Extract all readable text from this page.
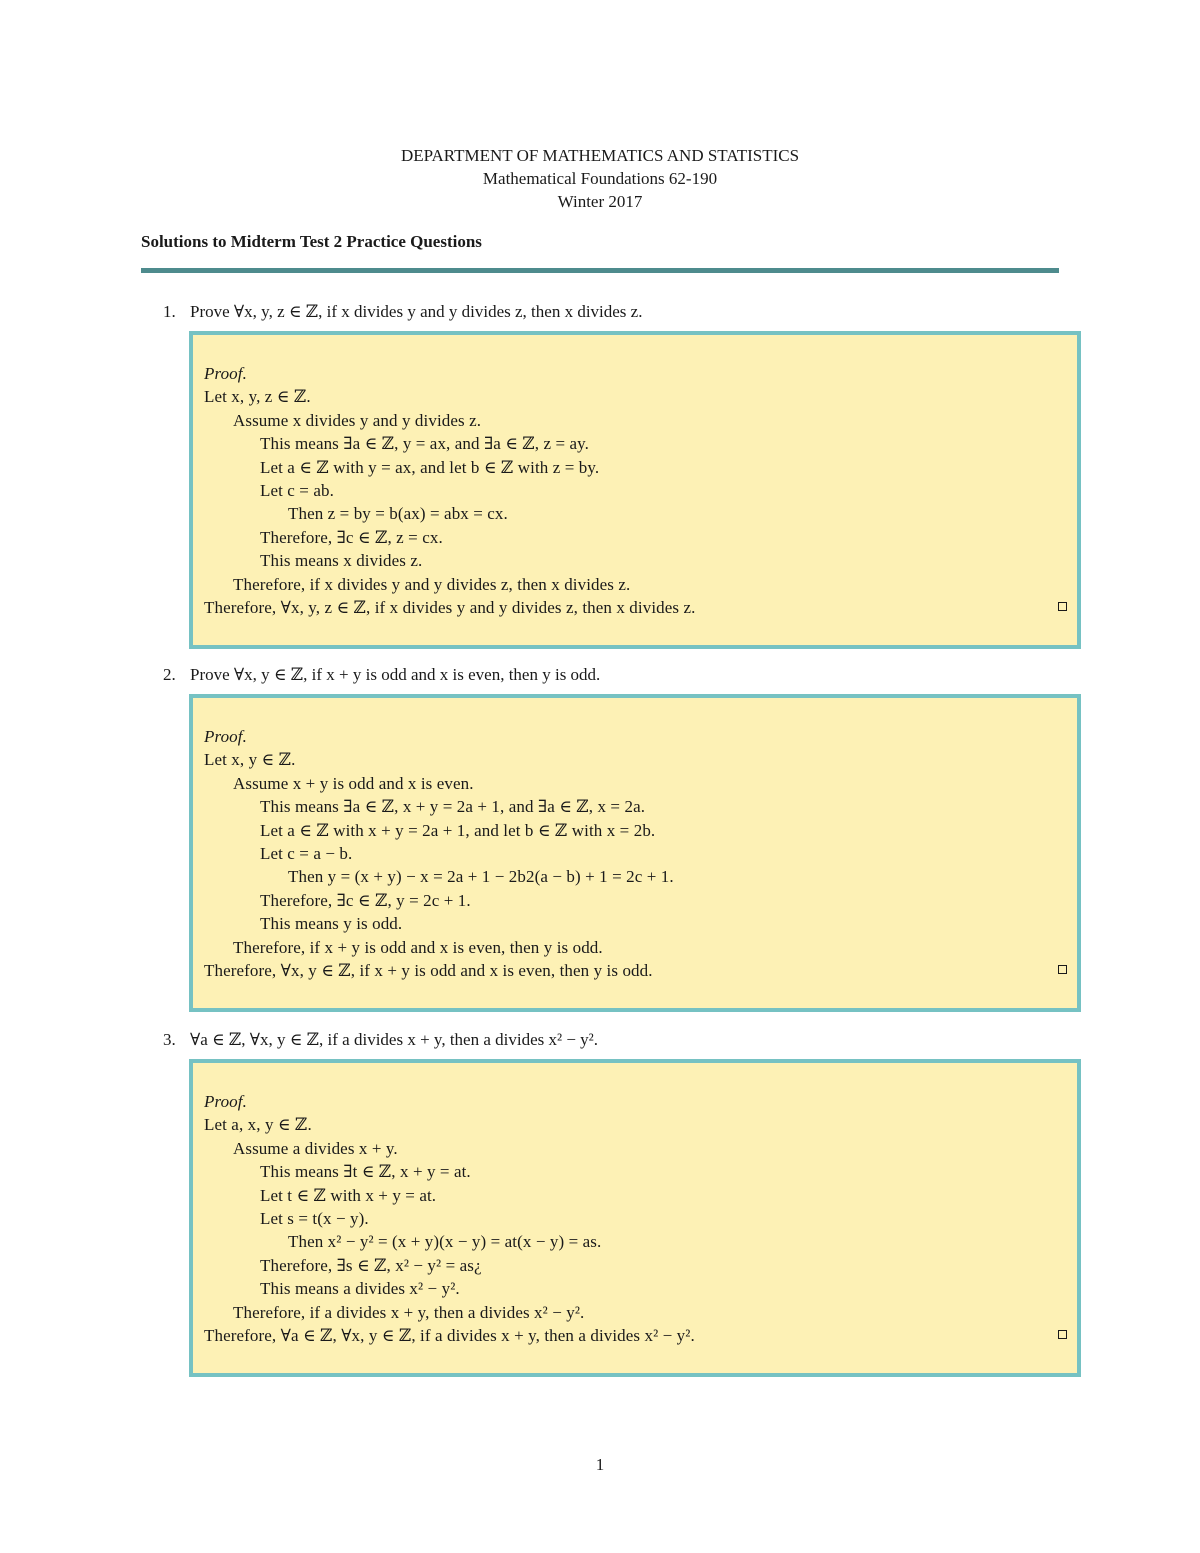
DEPARTMENT OF MATHEMATICS AND STATISTICS
Mathematical Foundations 62-190
Winter 2017
Solutions to Midterm Test 2 Practice Questions
1. Prove ∀x, y, z ∈ ℤ, if x divides y and y divides z, then x divides z.
Proof.
Let x, y, z ∈ ℤ.
Assume x divides y and y divides z.
This means ∃a ∈ ℤ, y = ax, and ∃a ∈ ℤ, z = ay.
Let a ∈ ℤ with y = ax, and let b ∈ ℤ with z = by.
Let c = ab.
Then z = by = b(ax) = abx = cx.
Therefore, ∃c ∈ ℤ, z = cx.
This means x divides z.
Therefore, if x divides y and y divides z, then x divides z.
Therefore, ∀x, y, z ∈ ℤ, if x divides y and y divides z, then x divides z.
2. Prove ∀x, y ∈ ℤ, if x + y is odd and x is even, then y is odd.
Proof.
Let x, y ∈ ℤ.
Assume x + y is odd and x is even.
This means ∃a ∈ ℤ, x + y = 2a + 1, and ∃a ∈ ℤ, x = 2a.
Let a ∈ ℤ with x + y = 2a + 1, and let b ∈ ℤ with x = 2b.
Let c = a − b.
Then y = (x + y) − x = 2a + 1 − 2b2(a − b) + 1 = 2c + 1.
Therefore, ∃c ∈ ℤ, y = 2c + 1.
This means y is odd.
Therefore, if x + y is odd and x is even, then y is odd.
Therefore, ∀x, y ∈ ℤ, if x + y is odd and x is even, then y is odd.
3. ∀a ∈ ℤ, ∀x, y ∈ ℤ, if a divides x + y, then a divides x² − y².
Proof.
Let a, x, y ∈ ℤ.
Assume a divides x + y.
This means ∃t ∈ ℤ, x + y = at.
Let t ∈ ℤ with x + y = at.
Let s = t(x − y).
Then x² − y² = (x + y)(x − y) = at(x − y) = as.
Therefore, ∃s ∈ ℤ, x² − y² = as¿
This means a divides x² − y².
Therefore, if a divides x + y, then a divides x² − y².
Therefore, ∀a ∈ ℤ, ∀x, y ∈ ℤ, if a divides x + y, then a divides x² − y².
1
